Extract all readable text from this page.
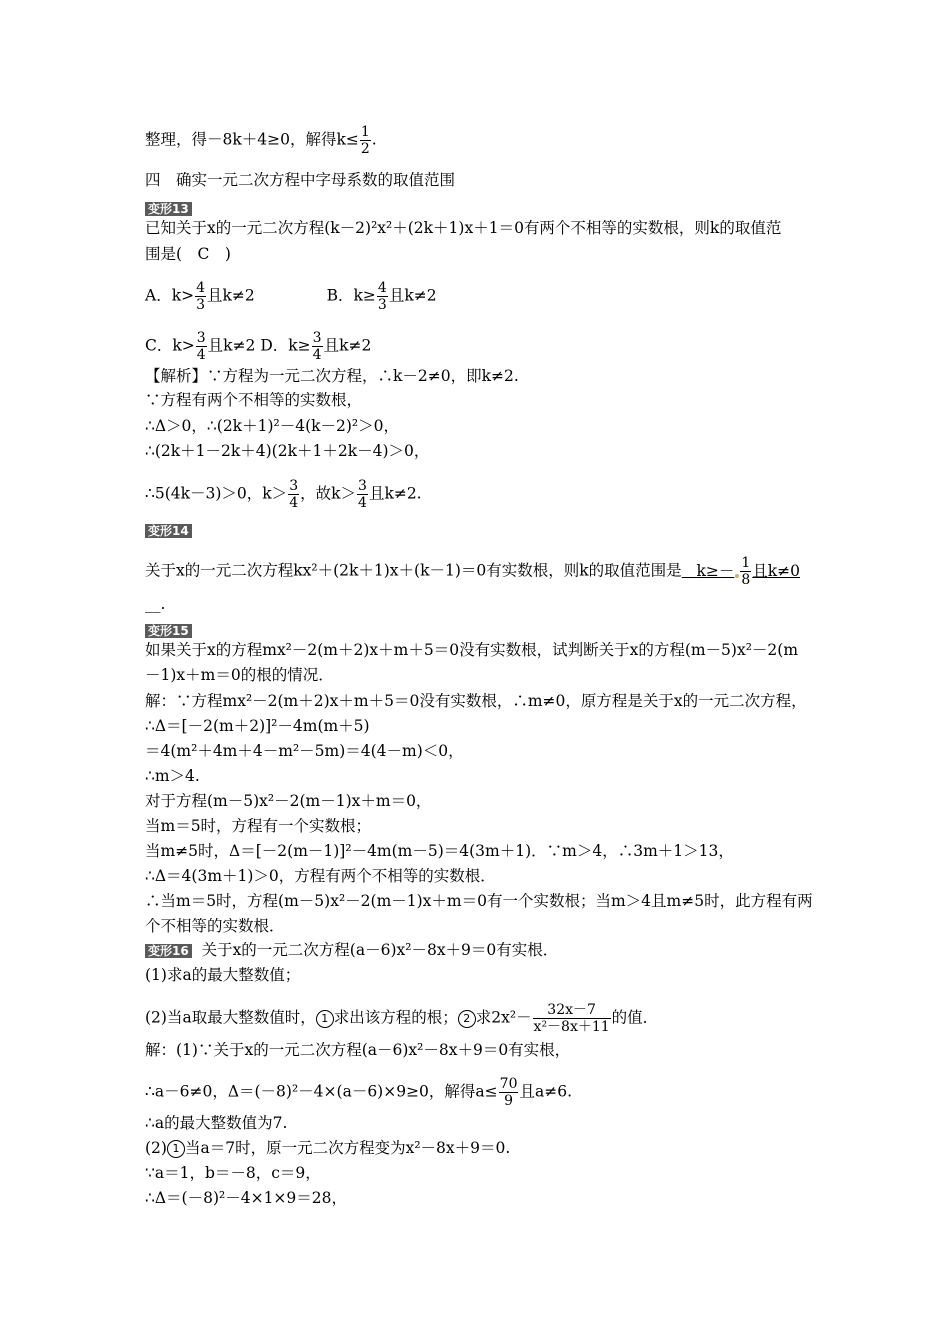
整理，得－8k＋4≥0，解得$k\le \frac{1}{2}$ .
四　确实一元二次方程中字母系数的取值范围
变形13
已知关于x的一元二次方程(k－2)²x²＋(2k＋1)x＋1＝0有两个不相等的实数根，则k的取值范
围是(　C　)
A．$k> \frac{4}{3}$ 且k≠2	B．$k\ge \frac{4}{3}$ 且k≠2
C．$k> \frac{3}{4}$ 且k≠2 D．$k\ge \frac{3}{4}$ 且k≠2
【解析】∵方程为一元二次方程，∴k－2≠0，即k≠2.
∵方程有两个不相等的实数根，
∴Δ＞0，∴(2k＋1)²－4(k－2)²＞0，
∴(2k＋1－2k＋4)(2k＋1＋2k－4)＞0，
∴5(4k－3)＞0，$k> \frac{3}{4}$ ，故$k> \frac{3}{4}$ 且k≠2.
变形14
关于x的一元二次方程kx²＋(2k＋1)x＋(k－1)＝0有实数根，则k的取值范围是 $k\ge- \frac{1}{8}$ 且k≠0
__.
变形15
如果关于x的方程mx²－2(m＋2)x＋m＋5＝0没有实数根，试判断关于x的方程(m－5)x²－2(m
－1)x＋m＝0的根的情况．
解：∵方程mx²－2(m＋2)x＋m＋5＝0没有实数根，∴m≠0，原方程是关于x的一元二次方程，
∴Δ＝[－2(m＋2)]²－4m(m＋5)
＝4(m²＋4m＋4－m²－5m)＝4(4－m)＜0，
∴m＞4.
对于方程(m－5)x²－2(m－1)x＋m＝0，
当m＝5时，方程有一个实数根；
当m≠5时，Δ＝[－2(m－1)]²－4m(m－5)＝4(3m＋1)．∵m＞4，∴3m＋1＞13，
∴Δ＝4(3m＋1)＞0，方程有两个不相等的实数根．
∴当m＝5时，方程(m－5)x²－2(m－1)x＋m＝0有一个实数根；当m＞4且m≠5时，此方程有两
个不相等的实数根．
变形16 关于x的一元二次方程(a－6)x²－8x＋9＝0有实根．
(1)求a的最大整数值；
(2)当a取最大整数值时， 1 求出该方程的根； 2 求$2x^2- \frac{32x-7}{\text{x²－8x＋11}}$ 的值．
解：(1)∵关于x的一元二次方程(a－6)x²－8x＋9＝0有实根，
∴a－6≠0，Δ＝(－8)²－4×(a－6)×9≥0，解得$a\le \frac{70}{9}$ 且a≠6.
∴a的最大整数值为7.
(2) 1 当a＝7时，原一元二次方程变为x²－8x＋9＝0.
∵a＝1，b＝－8，c＝9，
∴Δ＝(－8)²－4×1×9＝28，
